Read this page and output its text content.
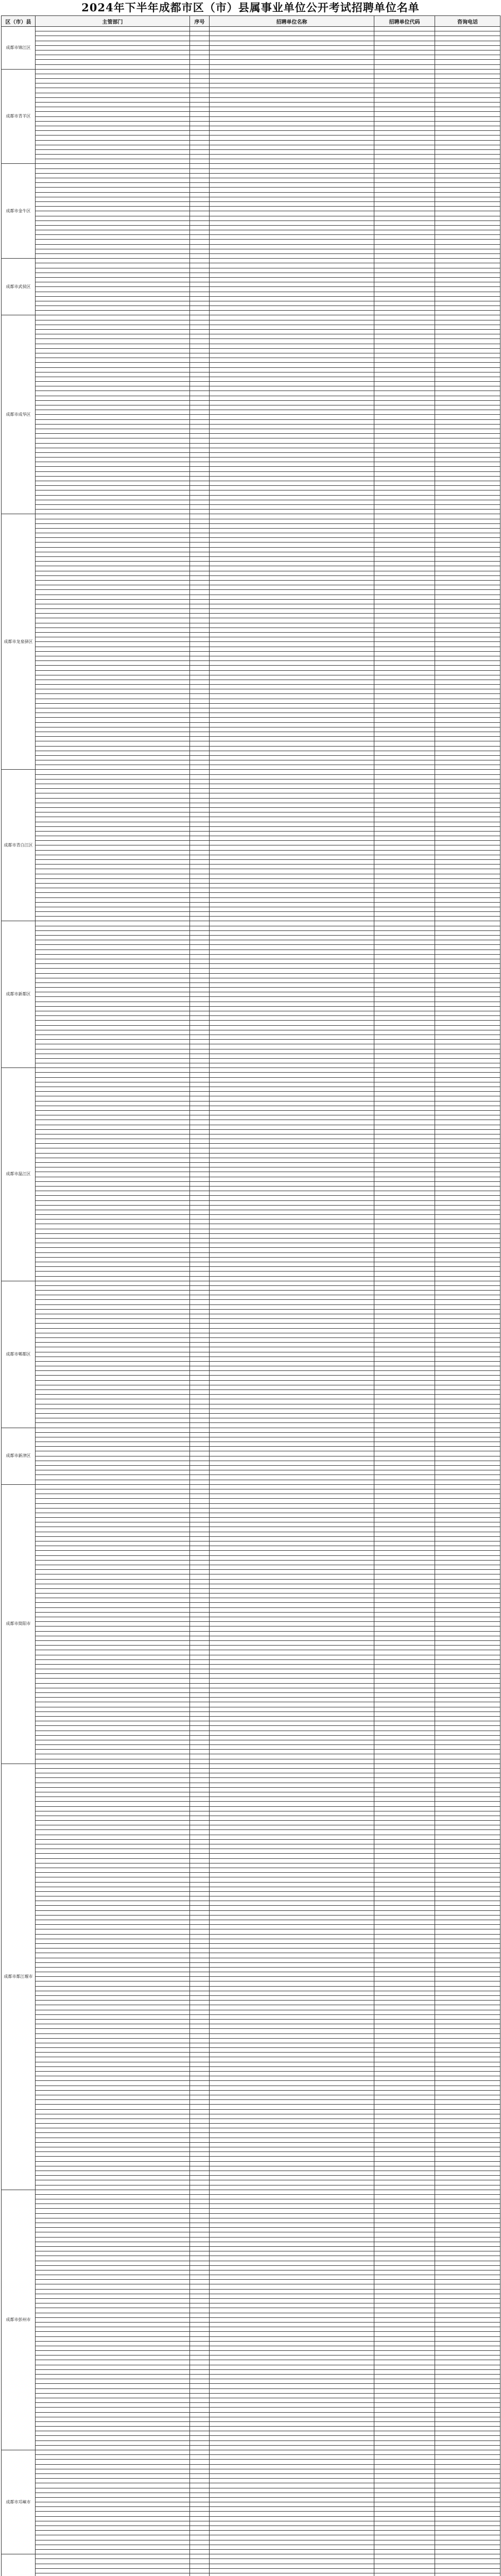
2024年下半年成都市区（市）县属事业单位公开考试招聘单位名单
区（市）县	主管部门	序号	招聘单位名称	招聘单位代码	咨询电话
成都市锦江区					

成都市青羊区					

成都市金牛区					

成都市武侯区					

成都市成华区					

成都市龙泉驿区					

成都市青白江区					

成都市新都区					

成都市温江区					

成都市郫都区					

成都市新津区					

成都市简阳市					

成都市都江堰市					

成都市彭州市					

成都市邛崃市					
